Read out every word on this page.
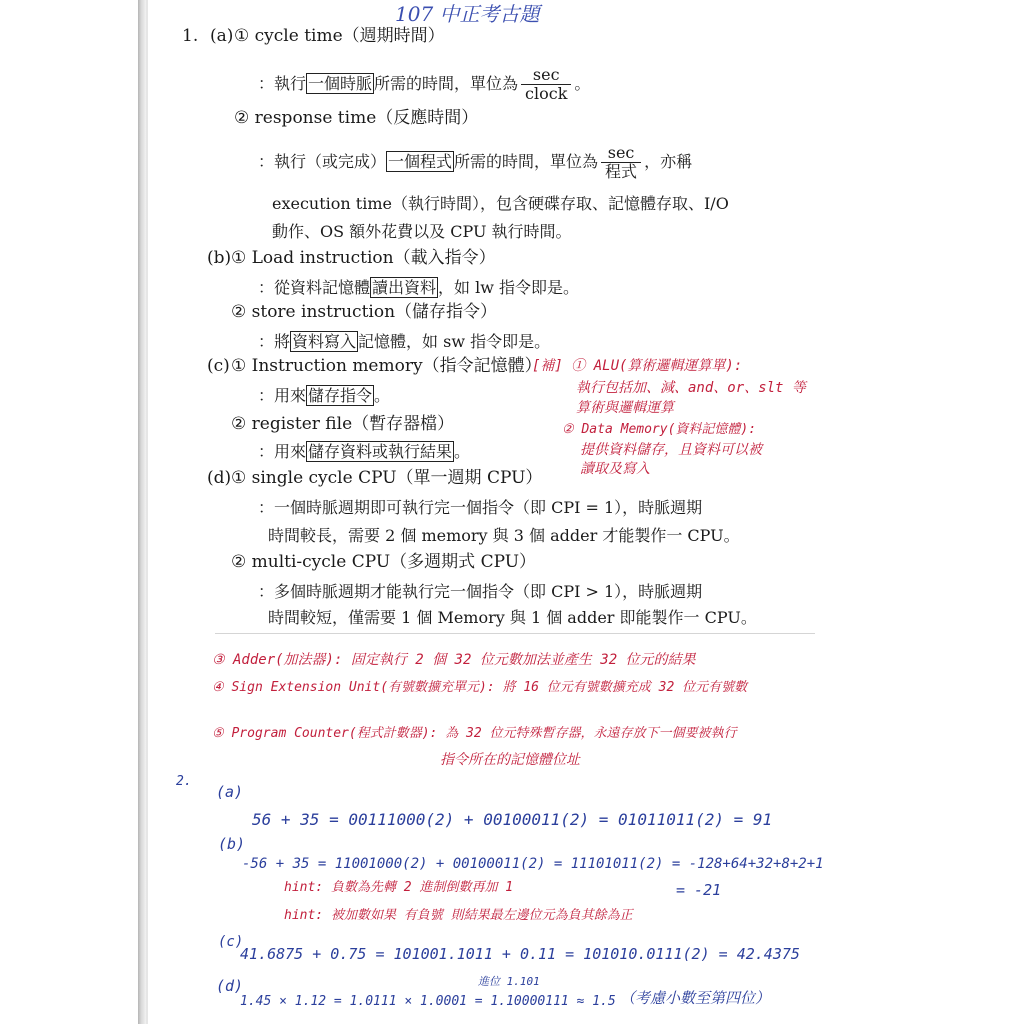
107 中正考古題
1. (a) ① cycle time（週期時間）
：執行 一個時脈 所需的時間，單位為 $\frac{\sec}{\text{clock}}$ 。
② response time（反應時間）
：執行（或完成） 一個程式 所需的時間，單位為 $\frac{\sec}{\text{程式}}$ ，亦稱
execution time（執行時間），包含硬碟存取、記憶體存取、I/O
動作、OS 額外花費以及 CPU 執行時間。
(b) ① Load instruction（載入指令）
：從資料記憶體 讀出資料 ，如 lw 指令即是。
② store instruction（儲存指令）
：將 資料寫入 記憶體，如 sw 指令即是。
(c) ① Instruction memory（指令記憶體）
：用來 儲存指令 。
② register file（暫存器檔）
：用來 儲存資料或執行結果 。
[補] ① ALU(算術邏輯運算單):
執行包括加、減、and、or、slt 等
算術與邏輯運算
② Data Memory(資料記憶體):
提供資料儲存，且資料可以被
讀取及寫入
(d) ① single cycle CPU（單一週期 CPU）
：一個時脈週期即可執行完一個指令（即 CPI = 1），時脈週期
時間較長，需要 2 個 memory 與 3 個 adder 才能製作一 CPU。
② multi-cycle CPU（多週期式 CPU）
：多個時脈週期才能執行完一個指令（即 CPI > 1），時脈週期
時間較短，僅需要 1 個 Memory 與 1 個 adder 即能製作一 CPU。
③ Adder(加法器): 固定執行 2 個 32 位元數加法並產生 32 位元的結果
④ Sign Extension Unit(有號數擴充單元): 將 16 位元有號數擴充成 32 位元有號數
⑤ Program Counter(程式計數器): 為 32 位元特殊暫存器，永遠存放下一個要被執行
指令所在的記憶體位址
2.
(a)
56 + 35 = 00111000(2) + 00100011(2) = 01011011(2) = 91
(b)
-56 + 35 = 11001000(2) + 00100011(2) = 11101011(2) = -128+64+32+8+2+1
= -21
hint: 負數為先轉 2 進制倒數再加 1
hint: 被加數如果 有負號 則結果最左邊位元為負其餘為正
(c)
41.6875 + 0.75 = 101001.1011 + 0.11 = 101010.0111(2) = 42.4375
(d)	進位 1.101
1.45 × 1.12 = 1.0111 × 1.0001 = 1.10000111 ≈ 1.5 （考慮小數至第四位）
